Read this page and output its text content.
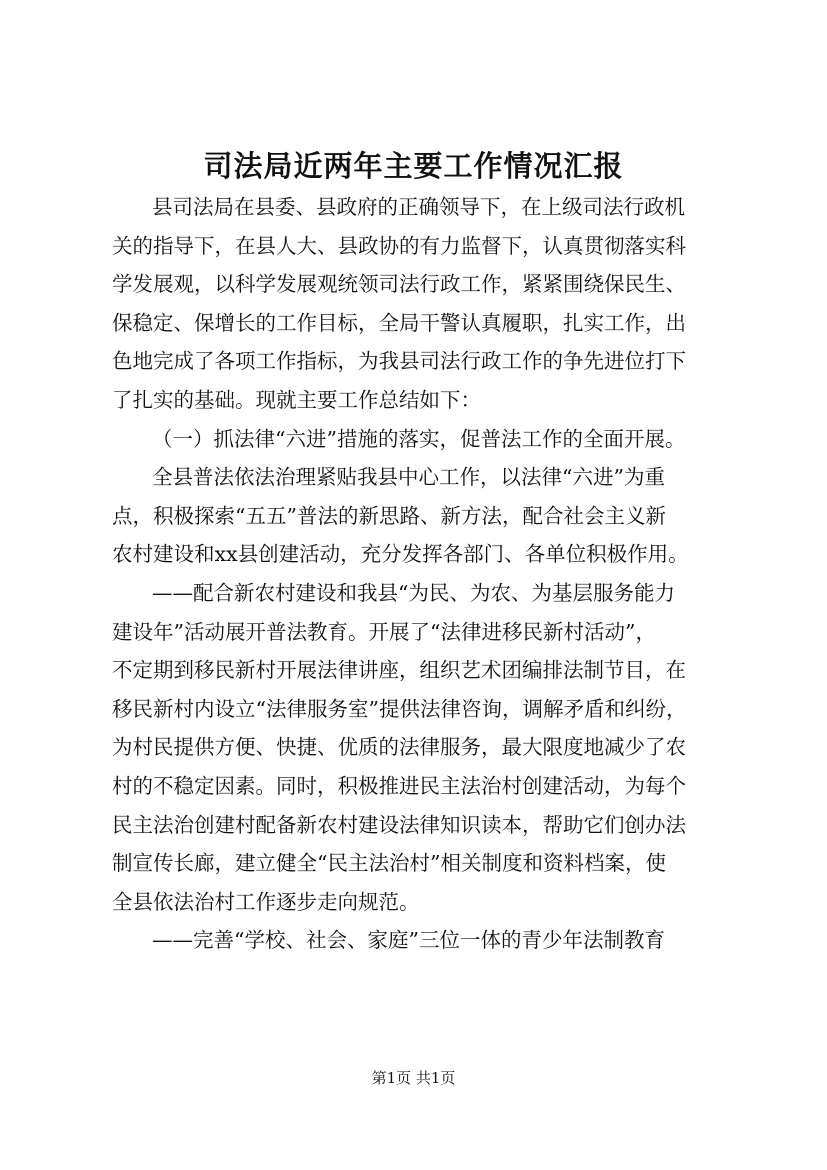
司法局近两年主要工作情况汇报
县司法局在县委、县政府的正确领导下，在上级司法行政机
关的指导下，在县人大、县政协的有力监督下，认真贯彻落实科
学发展观，以科学发展观统领司法行政工作，紧紧围绕保民生、
保稳定、保增长的工作目标，全局干警认真履职，扎实工作，出
色地完成了各项工作指标，为我县司法行政工作的争先进位打下
了扎实的基础。现就主要工作总结如下：
（一）抓法律“六进”措施的落实，促普法工作的全面开展。
全县普法依法治理紧贴我县中心工作，以法律“六进”为重
点，积极探索“五五”普法的新思路、新方法，配合社会主义新
农村建设和xx县创建活动，充分发挥各部门、各单位积极作用。
——配合新农村建设和我县“为民、为农、为基层服务能力
建设年”活动展开普法教育。开展了“法律进移民新村活动”，
不定期到移民新村开展法律讲座，组织艺术团编排法制节目，在
移民新村内设立“法律服务室”提供法律咨询，调解矛盾和纠纷，
为村民提供方便、快捷、优质的法律服务，最大限度地减少了农
村的不稳定因素。同时，积极推进民主法治村创建活动，为每个
民主法治创建村配备新农村建设法律知识读本，帮助它们创办法
制宣传长廊，建立健全“民主法治村”相关制度和资料档案，使
全县依法治村工作逐步走向规范。
——完善“学校、社会、家庭”三位一体的青少年法制教育
第1页 共1页
